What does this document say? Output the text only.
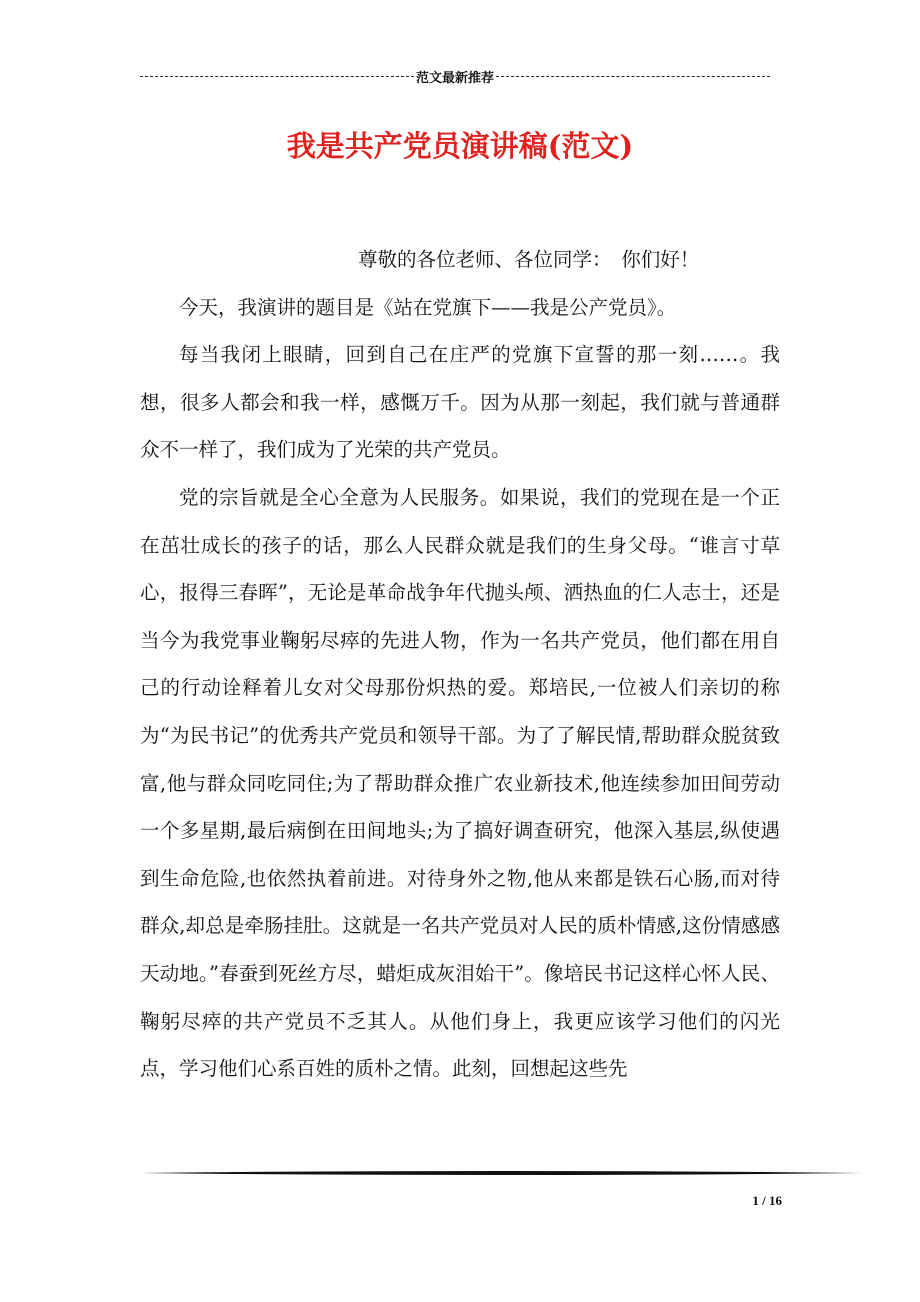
范文最新推荐
我是共产党员演讲稿(范文)

尊敬的各位老师、各位同学：　你们好！

今天，我演讲的题目是《站在党旗下——我是公产党员》。

每当我闭上眼睛，回到自己在庄严的党旗下宣誓的那一刻……。我想，很多人都会和我一样，感慨万千。因为从那一刻起，我们就与普通群众不一样了，我们成为了光荣的共产党员。

党的宗旨就是全心全意为人民服务。如果说，我们的党现在是一个正在茁壮成长的孩子的话，那么人民群众就是我们的生身父母。“谁言寸草心，报得三春晖”，无论是革命战争年代抛头颅、洒热血的仁人志士，还是当今为我党事业鞠躬尽瘁的先进人物，作为一名共产党员，他们都在用自己的行动诠释着儿女对父母那份炽热的爱。郑培民,一位被人们亲切的称为“为民书记”的优秀共产党员和领导干部。为了了解民情,帮助群众脱贫致富,他与群众同吃同住;为了帮助群众推广农业新技术,他连续参加田间劳动一个多星期,最后病倒在田间地头;为了搞好调查研究，他深入基层,纵使遇到生命危险,也依然执着前进。对待身外之物,他从来都是铁石心肠,而对待群众,却总是牵肠挂肚。这就是一名共产党员对人民的质朴情感,这份情感感天动地。”春蚕到死丝方尽，蜡炬成灰泪始干”。像培民书记这样心怀人民、鞠躬尽瘁的共产党员不乏其人。从他们身上，我更应该学习他们的闪光点，学习他们心系百姓的质朴之情。此刻，回想起这些先

1 / 16
